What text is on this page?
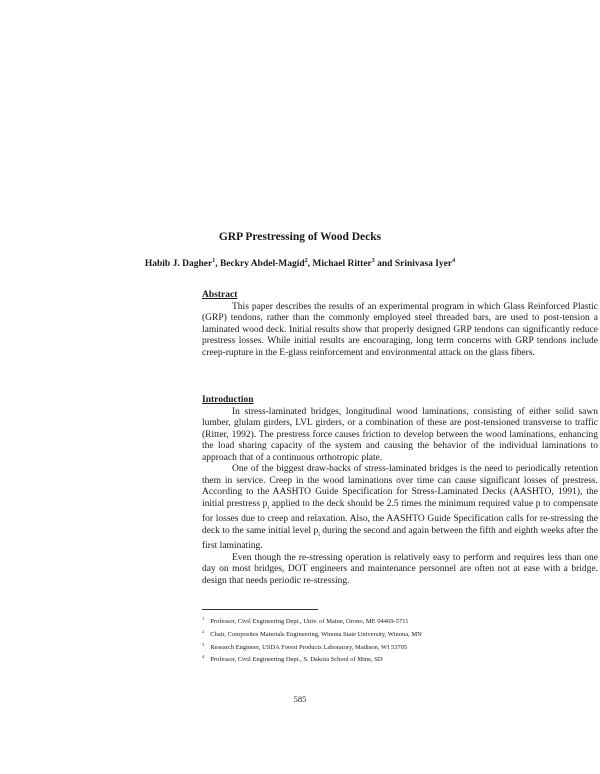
GRP Prestressing of Wood Decks
Habib J. Dagher$^1$, Beckry Abdel-Magid$^2$, Michael Ritter$^3$ and Srinivasa Iyer$^4$
Abstract

This paper describes the results of an experimental program in which Glass Reinforced Plastic (GRP) tendons, rather than the commonly employed steel threaded bars, are used to post-tension a laminated wood deck. Initial results show that properly designed GRP tendons can significantly reduce prestress losses. While initial results are encouraging, long term concerns with GRP tendons include creep-rupture in the E-glass reinforcement and environmental attack on the glass fibers.

Introduction

In stress-laminated bridges, longitudinal wood laminations, consisting of either solid sawn lumber, glulam girders, LVL girders, or a combination of these are post-tensioned transverse to traffic (Ritter, 1992). The prestress force causes friction to develop between the wood laminations, enhancing the load sharing capacity of the system and causing the behavior of the individual laminations to approach that of a continuous orthotropic plate.

One of the biggest draw-backs of stress-laminated bridges is the need to periodically retention them in service. Creep in the wood laminations over time can cause significant losses of prestress. According to the AASHTO Guide Specification for Stress-Laminated Decks (AASHTO, 1991), the initial prestress $p_i$ applied to the deck should be 2.5 times the minimum required value p to compensate for losses due to creep and relaxation. Also, the AASHTO Guide Specification calls for re-stressing the deck to the same initial level $p_i$ during the second and again between the fifth and eighth weeks after the first laminating.

Even though the re-stressing operation is relatively easy to perform and requires less than one day on most bridges, DOT engineers and maintenance personnel are often not at ease with a bridge. design that needs periodic re-stressing.

$^1$ Professor, Civil Engineering Dept., Univ. of Maine, Orono, ME 04469-5711
$^2$ Chair, Composites Materials Engineering, Winona State University, Winona, MN
$^3$ Research Engineer, USDA Forest Products Laboratory, Madison, WI 53705
$^4$ Professor, Civil Engineering Dept., S. Dakota School of Mine, SD
585
